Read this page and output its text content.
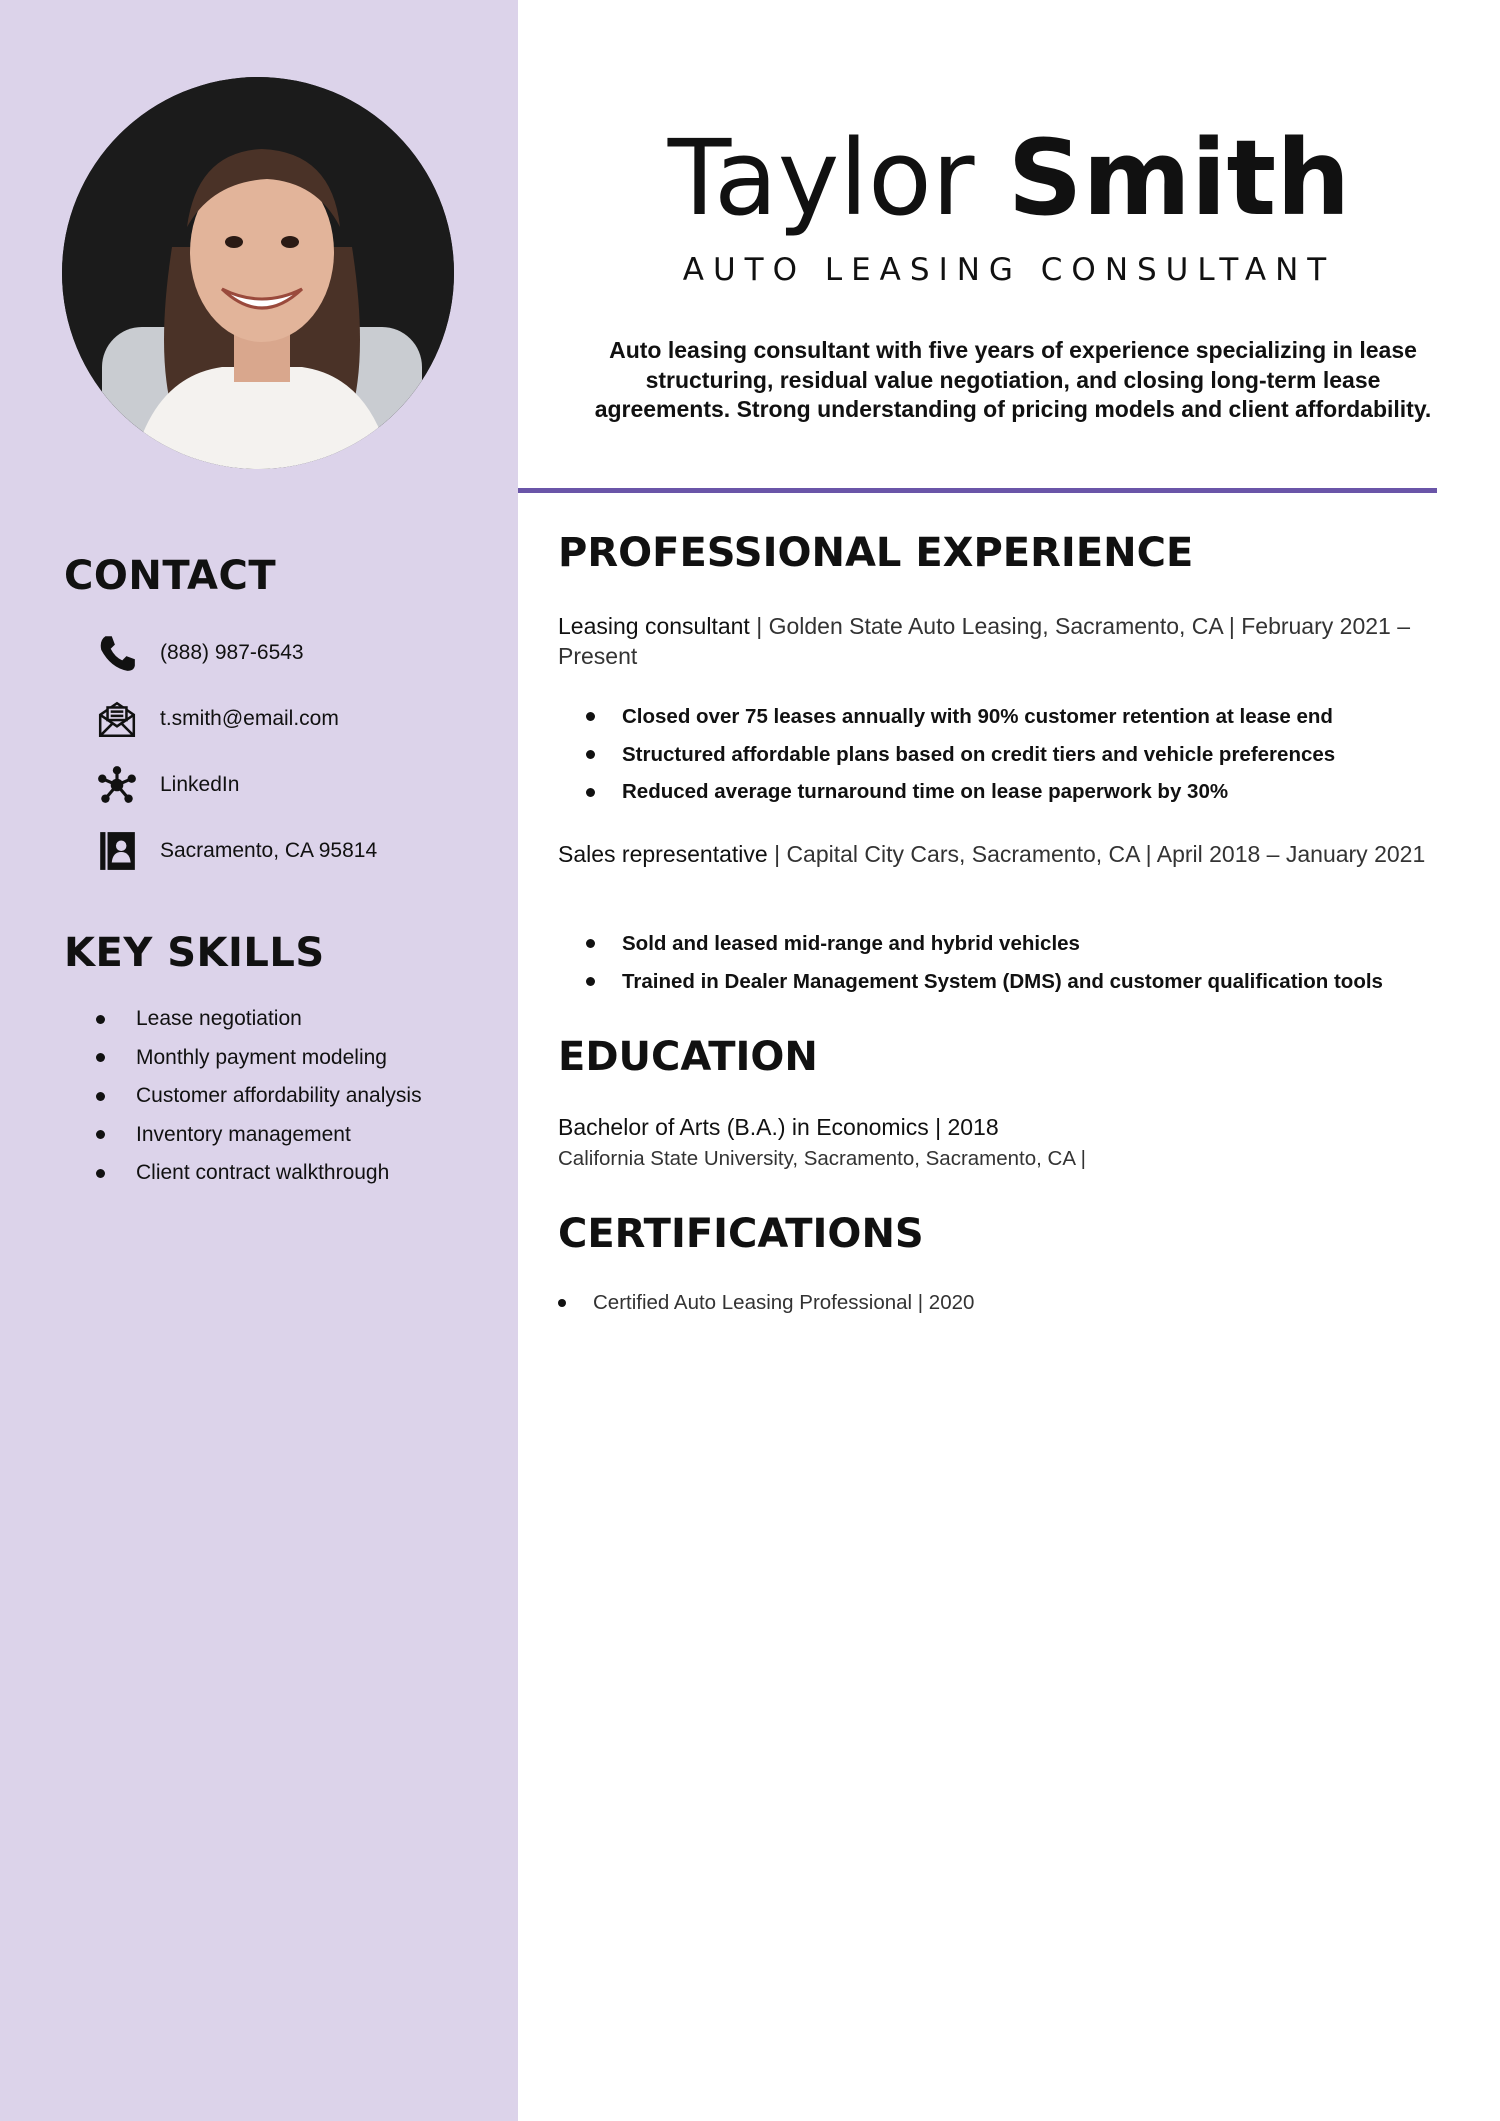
CONTACT
(888) 987-6543
t.smith@email.com
LinkedIn
Sacramento, CA 95814
KEY SKILLS
Lease negotiation
Monthly payment modeling
Customer affordability analysis
Inventory management
Client contract walkthrough
Taylor Smith
AUTO LEASING CONSULTANT

Auto leasing consultant with five years of experience specializing in lease structuring, residual value negotiation, and closing long-term lease agreements. Strong understanding of pricing models and client affordability.

PROFESSIONAL EXPERIENCE

Leasing consultant | Golden State Auto Leasing, Sacramento, CA | February 2021 – Present

Closed over 75 leases annually with 90% customer retention at lease end
Structured affordable plans based on credit tiers and vehicle preferences
Reduced average turnaround time on lease paperwork by 30%

Sales representative | Capital City Cars, Sacramento, CA | April 2018 – January 2021

Sold and leased mid-range and hybrid vehicles
Trained in Dealer Management System (DMS) and customer qualification tools
EDUCATION

Bachelor of Arts (B.A.) in Economics | 2018

California State University, Sacramento, Sacramento, CA |

CERTIFICATIONS

Certified Auto Leasing Professional | 2020
